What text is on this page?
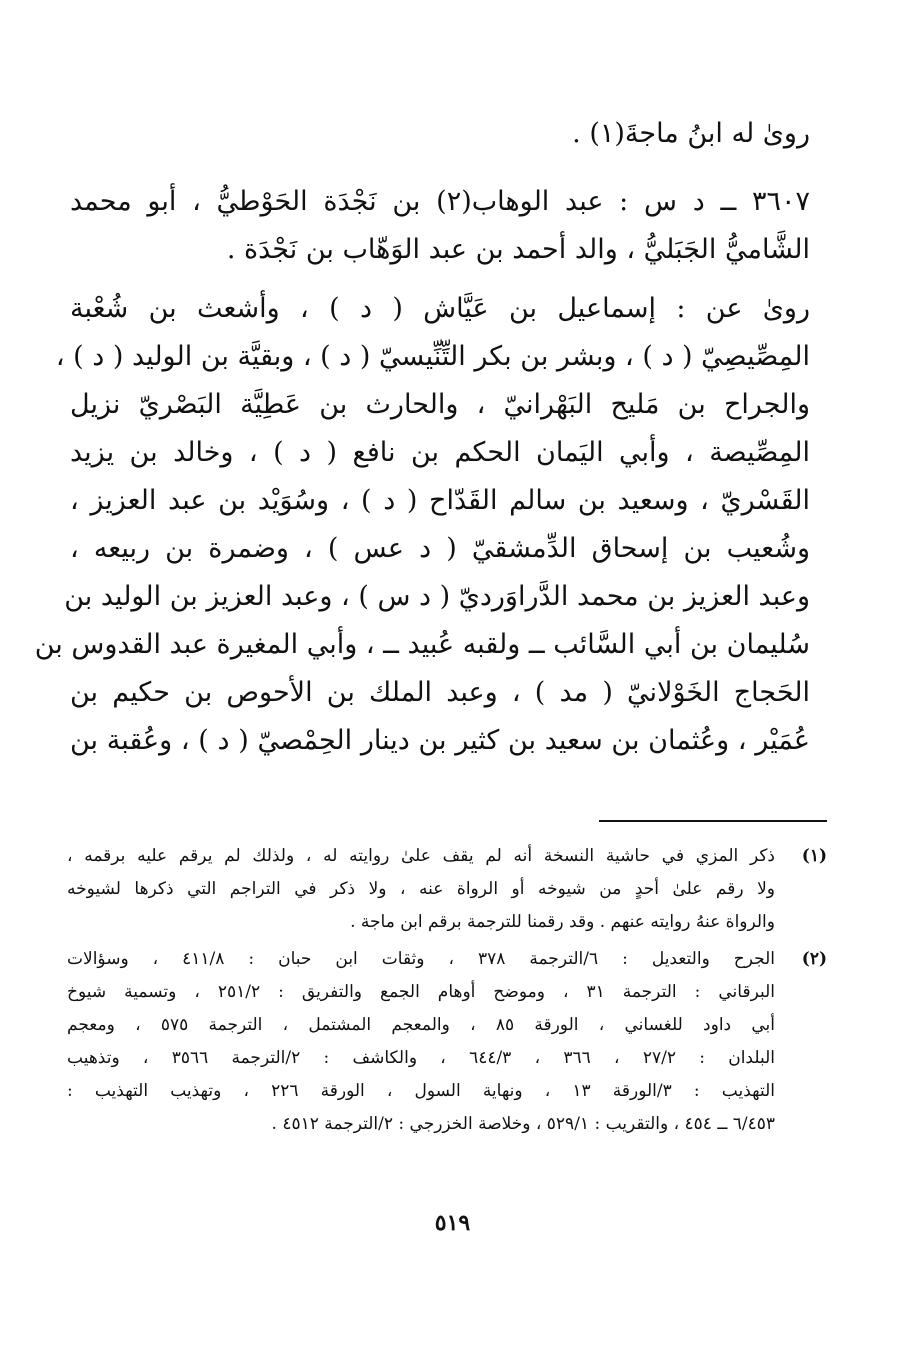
روىٰ له ابنُ ماجةَ(١) .
٣٦٠٧ ــ د س : عبد الوهاب(٢) بن نَجْدَة الحَوْطيُّ ، أبو محمد
الشَّاميُّ الجَبَليُّ ، والد أحمد بن عبد الوَهّاب بن نَجْدَة .
روىٰ عن : إسماعيل بن عَيَّاش ( د ) ، وأشعث بن شُعْبة
المِصِّيصِيّ ( د ) ، وبشر بن بكر التِّنِّيسيّ ( د ) ، وبقيَّة بن الوليد ( د ) ،
والجراح بن مَليح البَهْرانيّ ، والحارث بن عَطِيَّة البَصْريّ نزيل
المِصِّيصة ، وأبي اليَمان الحكم بن نافع ( د ) ، وخالد بن يزيد
القَسْريّ ، وسعيد بن سالم القَدّاح ( د ) ، وسُوَيْد بن عبد العزيز ،
وشُعيب بن إسحاق الدِّمشقيّ ( د عس ) ، وضمرة بن ربيعه ،
وعبد العزيز بن محمد الدَّراوَرديّ ( د س ) ، وعبد العزيز بن الوليد بن
سُليمان بن أبي السَّائب ــ ولقبه عُبيد ــ ، وأبي المغيرة عبد القدوس بن
الحَجاج الخَوْلانيّ ( مد ) ، وعبد الملك بن الأحوص بن حكيم بن
عُمَيْر ، وعُثمان بن سعيد بن كثير بن دينار الحِمْصيّ ( د ) ، وعُقبة بن
(١)
ذكر المزي في حاشية النسخة أنه لم يقف علىٰ روايته له ، ولذلك لم يرقم عليه برقمه ،
ولا رقم علىٰ أحدٍ من شيوخه أو الرواة عنه ، ولا ذكر في التراجم التي ذكرها لشيوخه
والرواة عنهُ روايته عنهم . وقد رقمنا للترجمة برقم ابن ماجة .
(٢)
الجرح والتعديل : ٦/الترجمة ٣٧٨ ، وثقات ابن حبان : ٤١١/٨ ، وسؤالات
البرقاني : الترجمة ٣١ ، وموضح أوهام الجمع والتفريق : ٢٥١/٢ ، وتسمية شيوخ
أبي داود للغساني ، الورقة ٨٥ ، والمعجم المشتمل ، الترجمة ٥٧٥ ، ومعجم
البلدان : ٢٧/٢ ، ٣٦٦ ، ٦٤٤/٣ ، والكاشف : ٢/الترجمة ٣٥٦٦ ، وتذهيب
التهذيب : ٣/الورقة ١٣ ، ونهاية السول ، الورقة ٢٢٦ ، وتهذيب التهذيب :
٦/٤٥٣ ــ ٤٥٤ ، والتقريب : ٥٢٩/١ ، وخلاصة الخزرجي : ٢/الترجمة ٤٥١٢ .
٥١٩
